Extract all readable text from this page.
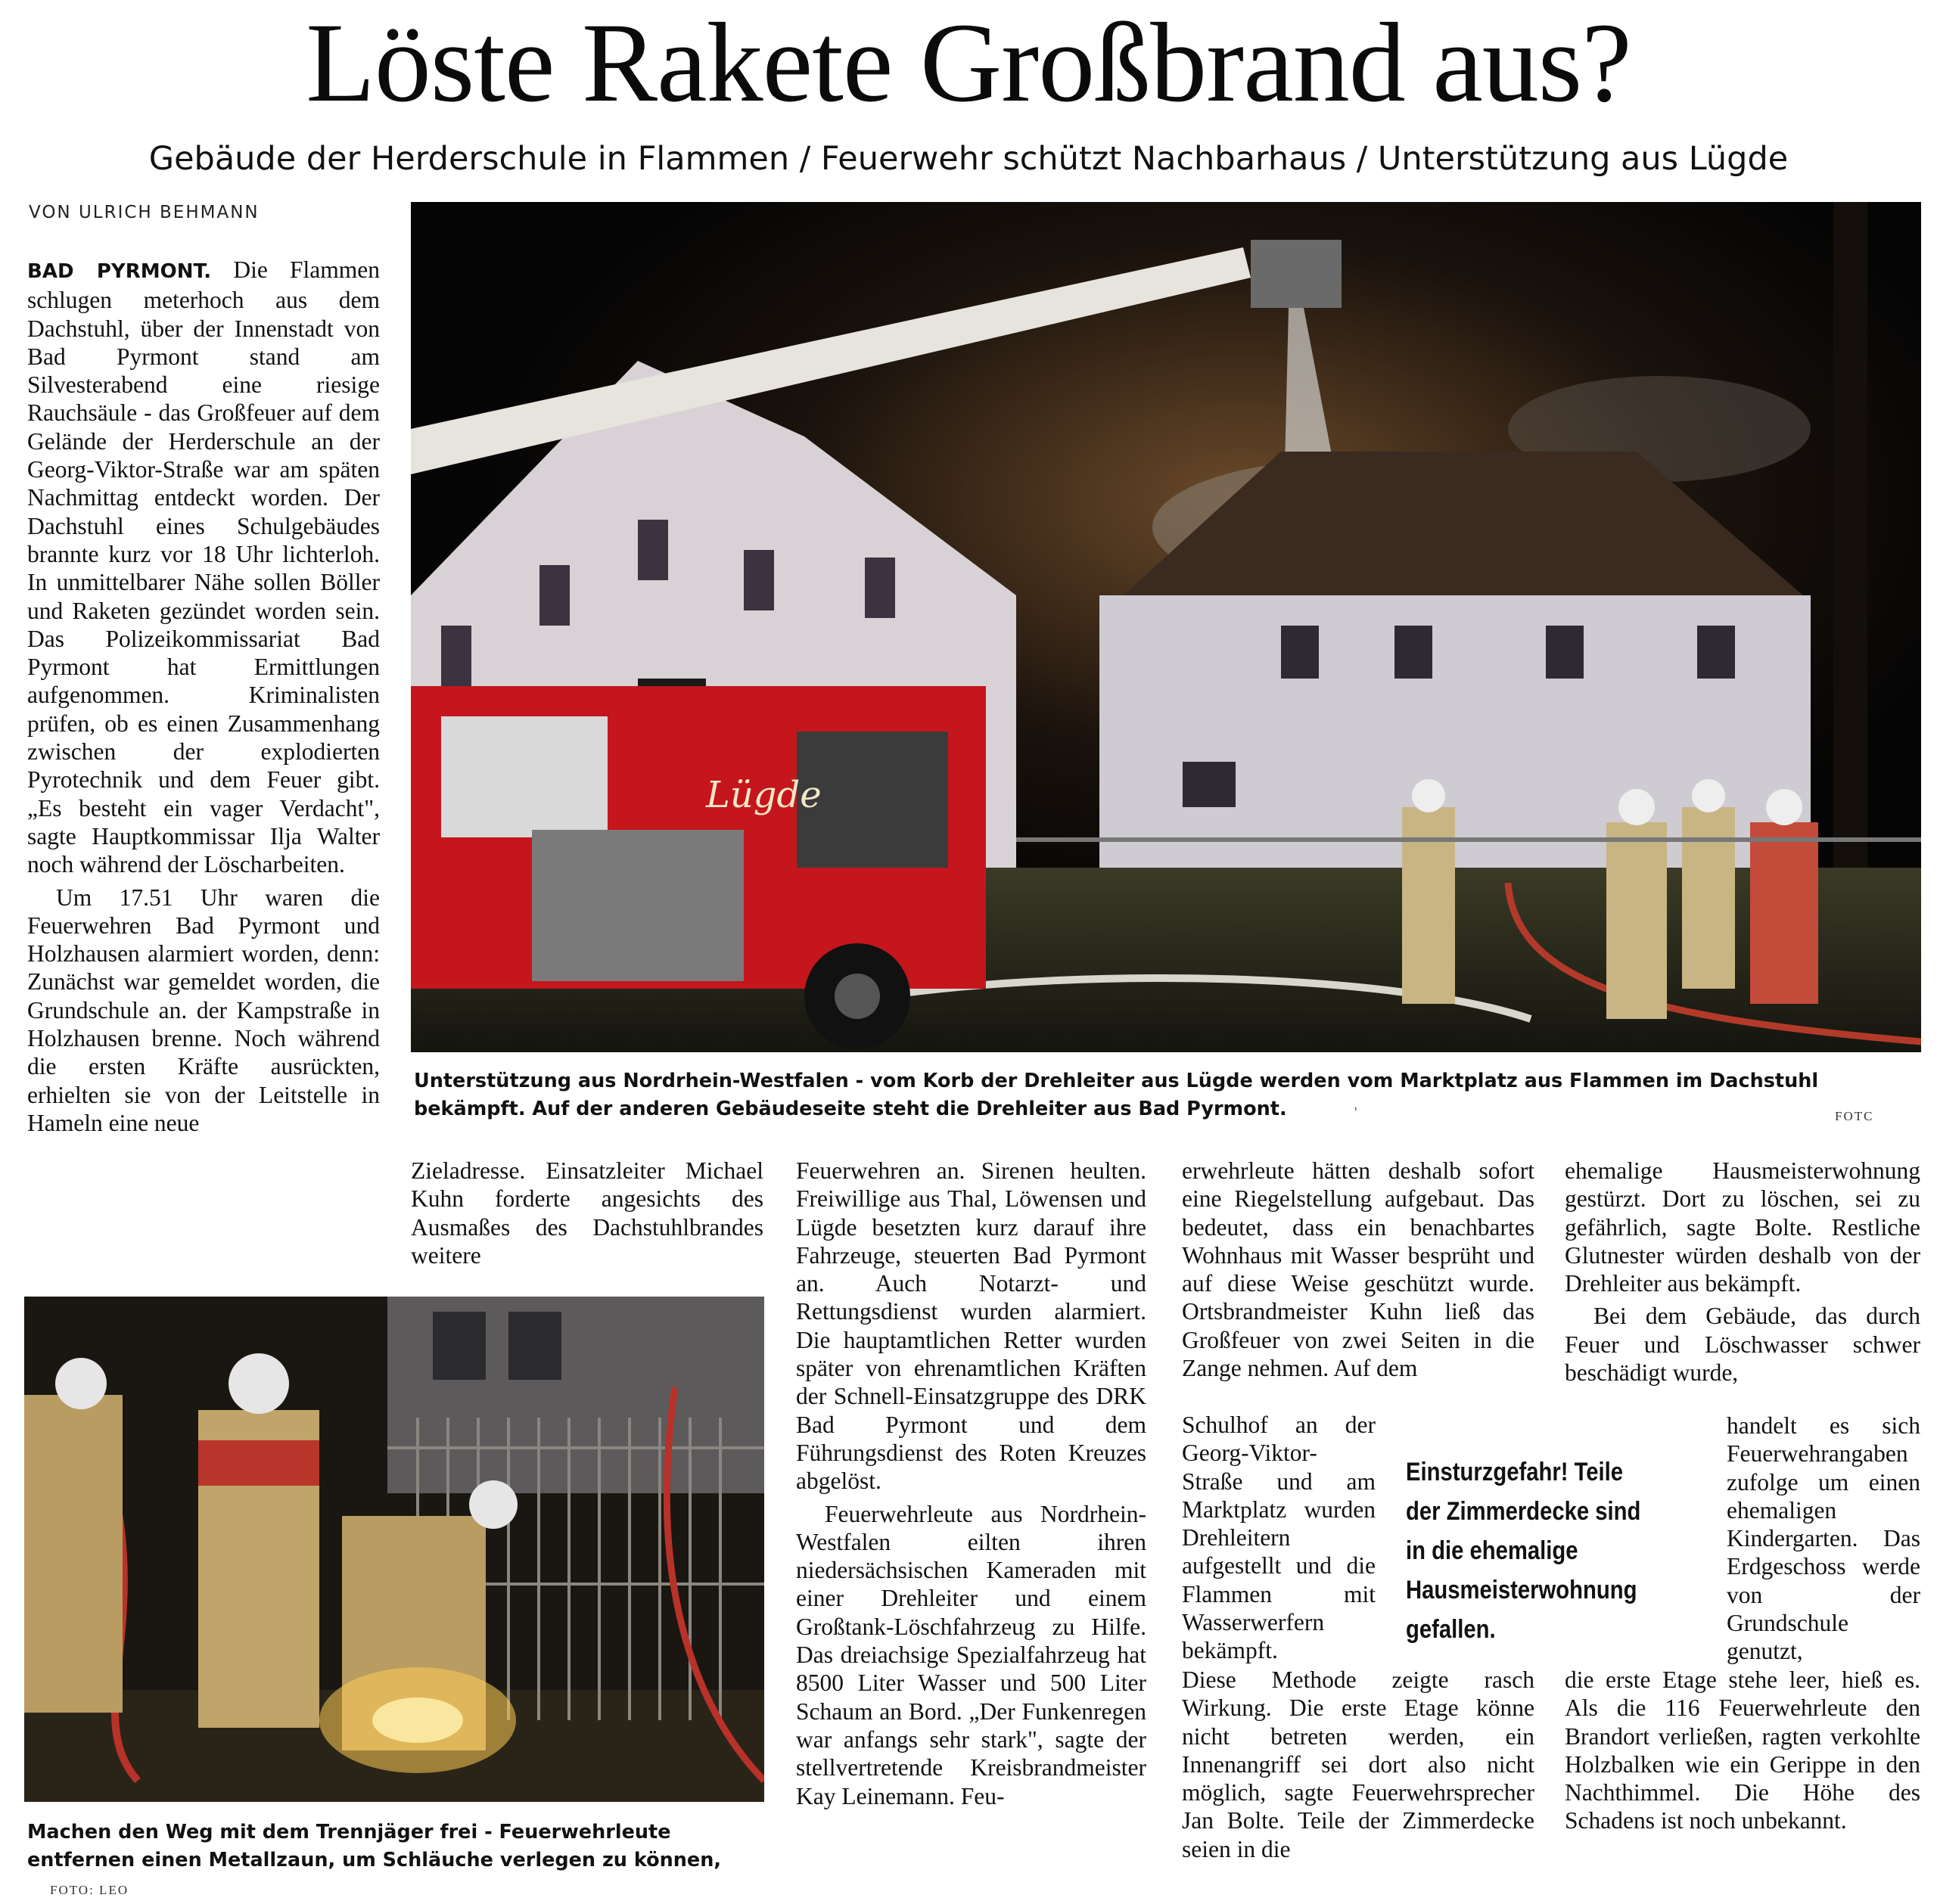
Löste Rakete Großbrand aus?
Gebäude der Herderschule in Flammen / Feuerwehr schützt Nachbarhaus / Unterstützung aus Lügde
VON ULRICH BEHMANN

BAD PYRMONT. Die Flammen schlugen meterhoch aus dem Dachstuhl, über der Innenstadt von Bad Pyrmont stand am Silvesterabend eine riesige Rauchsäule - das Großfeuer auf dem Gelände der Herderschule an der Georg-Viktor-Straße war am späten Nachmittag entdeckt worden. Der Dachstuhl eines Schulgebäudes brannte kurz vor 18 Uhr lichterloh. In unmittelbarer Nähe sollen Böller und Raketen gezündet worden sein. Das Polizeikommissariat Bad Pyrmont hat Ermittlungen aufgenommen. Kriminalisten prüfen, ob es einen Zusammenhang zwischen der explodierten Pyrotechnik und dem Feuer gibt. „Es besteht ein vager Verdacht", sagte Hauptkommissar Ilja Walter noch während der Löscharbeiten.

Um 17.51 Uhr waren die Feuerwehren Bad Pyrmont und Holzhausen alarmiert worden, denn: Zunächst war gemeldet worden, die Grundschule an. der Kampstraße in Holzhausen brenne. Noch während die ersten Kräfte ausrückten, erhielten sie von der Leitstelle in Hameln eine neue

Lügde
Unterstützung aus Nordrhein-Westfalen - vom Korb der Drehleiter aus Lügde werden vom Marktplatz aus Flammen im Dachstuhl bekämpft. Auf der anderen Gebäudeseite steht die Drehleiter aus Bad Pyrmont.	FOTC
'

Zieladresse. Einsatzleiter Michael Kuhn forderte angesichts des Ausmaßes des Dachstuhlbrandes weitere

Machen den Weg mit dem Trennjäger frei - Feuerwehrleute entfernen einen Metallzaun, um Schläuche verlegen zu können, FOTO: LEO

Feuerwehren an. Sirenen heulten. Freiwillige aus Thal, Löwensen und Lügde besetzten kurz darauf ihre Fahrzeuge, steuerten Bad Pyrmont an. Auch Notarzt- und Rettungsdienst wurden alarmiert. Die hauptamtlichen Retter wurden später von ehrenamtlichen Kräften der Schnell-Einsatzgruppe des DRK Bad Pyrmont und dem Führungsdienst des Roten Kreuzes abgelöst.

Feuerwehrleute aus Nordrhein-Westfalen eilten ihren niedersächsischen Kameraden mit einer Drehleiter und einem Großtank-Löschfahrzeug zu Hilfe. Das dreiachsige Spezialfahrzeug hat 8500 Liter Wasser und 500 Liter Schaum an Bord. „Der Funkenregen war anfangs sehr stark", sagte der stellvertretende Kreisbrandmeister Kay Leinemann. Feu-

erwehrleute hätten deshalb sofort eine Riegelstellung aufgebaut. Das bedeutet, dass ein benachbartes Wohnhaus mit Wasser besprüht und auf diese Weise geschützt wurde. Ortsbrandmeister Kuhn ließ das Großfeuer von zwei Seiten in die Zange nehmen. Auf dem

Schulhof an der Georg-Viktor-Straße und am Marktplatz wurden Drehleitern aufgestellt und die Flammen mit Wasserwerfern bekämpft.

Diese Methode zeigte rasch Wirkung. Die erste Etage könne nicht betreten werden, ein Innenangriff sei dort also nicht möglich, sagte Feuerwehrsprecher Jan Bolte. Teile der Zimmerdecke seien in die

Einsturzgefahr! Teile der Zimmerdecke sind in die ehemalige Hausmeisterwohnung gefallen.

ehemalige Hausmeisterwohnung gestürzt. Dort zu löschen, sei zu gefährlich, sagte Bolte. Restliche Glutnester würden deshalb von der Drehleiter aus bekämpft.

Bei dem Gebäude, das durch Feuer und Löschwasser schwer beschädigt wurde,

handelt es sich Feuerwehrangaben zufolge um einen ehemaligen Kindergarten. Das Erdgeschoss werde von der Grundschule genutzt,

die erste Etage stehe leer, hieß es. Als die 116 Feuerwehrleute den Brandort verließen, ragten verkohlte Holzbalken wie ein Gerippe in den Nachthimmel. Die Höhe des Schadens ist noch unbekannt.
